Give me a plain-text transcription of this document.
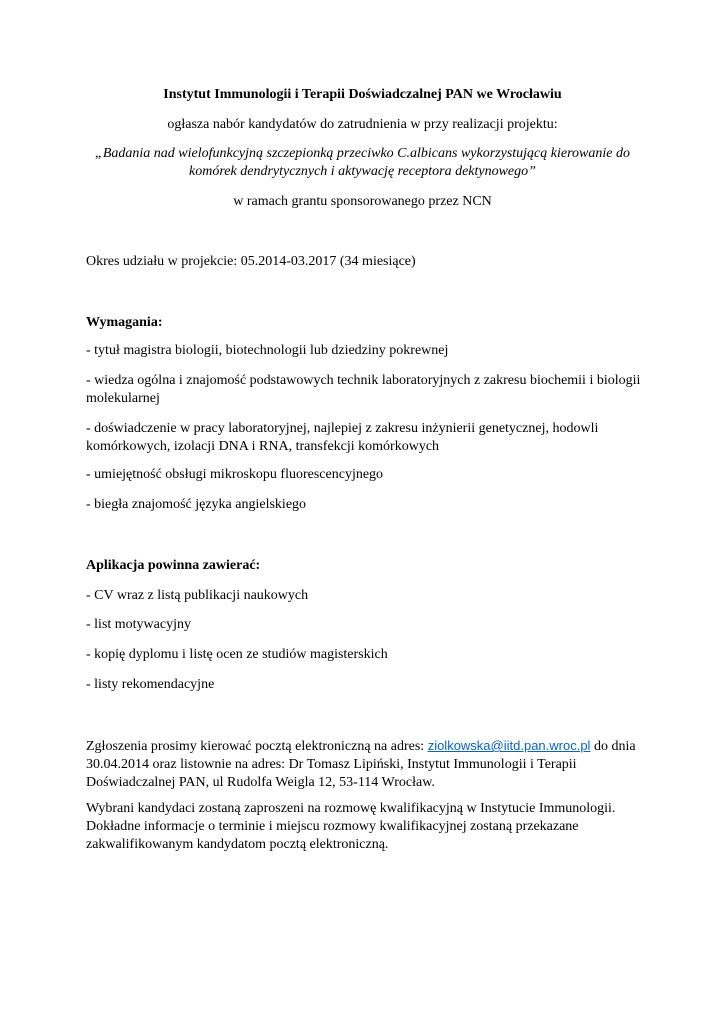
Instytut Immunologii i Terapii Doświadczalnej PAN we Wrocławiu
ogłasza nabór kandydatów do zatrudnienia w przy realizacji projektu:
„Badania nad wielofunkcyjną szczepionką przeciwko C.albicans wykorzystującą kierowanie do komórek dendrytycznych i aktywację receptora dektynowego”
w ramach grantu sponsorowanego przez NCN
Okres udziału w projekcie: 05.2014-03.2017 (34 miesiące)
Wymagania:
- tytuł magistra biologii, biotechnologii lub dziedziny pokrewnej
- wiedza ogólna i znajomość podstawowych technik laboratoryjnych z zakresu biochemii i biologii molekularnej
- doświadczenie w pracy laboratoryjnej, najlepiej z zakresu inżynierii genetycznej, hodowli komórkowych, izolacji DNA i RNA, transfekcji komórkowych
- umiejętność obsługi mikroskopu fluorescencyjnego
- biegła znajomość języka angielskiego
Aplikacja powinna zawierać:
- CV wraz z listą publikacji naukowych
- list motywacyjny
- kopię dyplomu i listę ocen ze studiów magisterskich
- listy rekomendacyjne
Zgłoszenia prosimy kierować pocztą elektroniczną na adres: ziolkowska@iitd.pan.wroc.pl do dnia 30.04.2014 oraz listownie na adres: Dr Tomasz Lipiński, Instytut Immunologii i Terapii Doświadczalnej PAN, ul Rudolfa Weigla 12, 53-114 Wrocław.
Wybrani kandydaci zostaną zaproszeni na rozmowę kwalifikacyjną w Instytucie Immunologii. Dokładne informacje o terminie i miejscu rozmowy kwalifikacyjnej zostaną przekazane zakwalifikowanym kandydatom pocztą elektroniczną.
